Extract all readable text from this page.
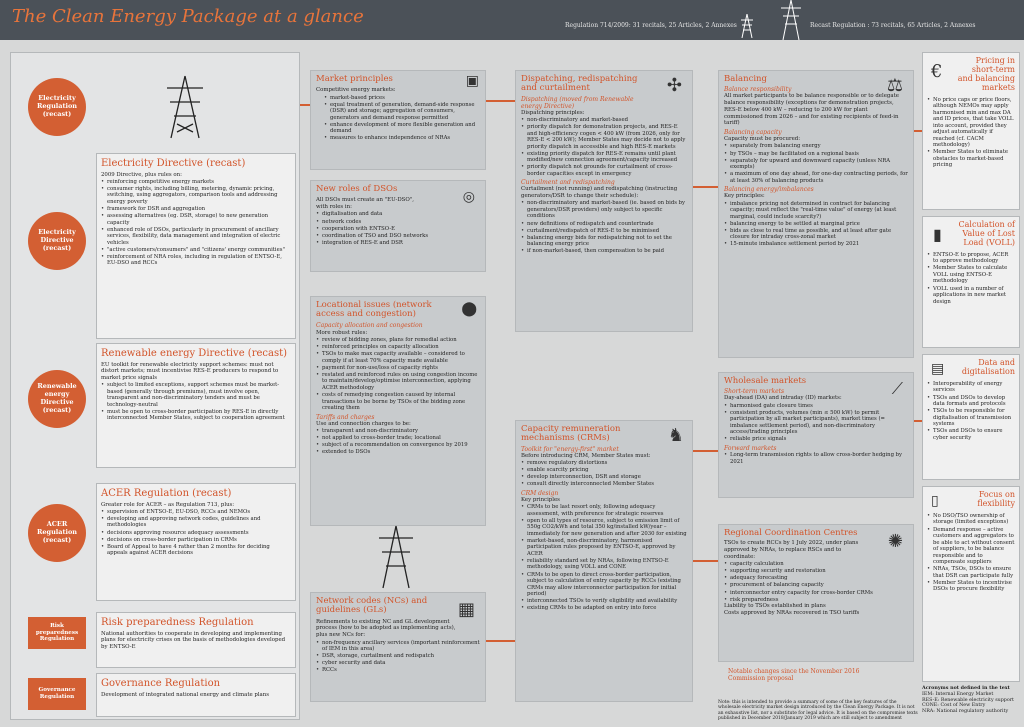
The Clean Energy Package at a glance	Regulation 714/2009: 31 recitals, 25 Articles, 2 Annexes	Recast Regulation : 73 recitals, 65 Articles, 2 Annexes
Electricity Regulation (recast)
Electricity Directive (recast)
Electricity Directive (recast)
2009 Directive, plus rules on:
• reinforcing competitive energy markets
• consumer rights, including billing, metering, dynamic pricing, switching, using aggregators, comparison tools and addressing energy poverty
• framework for DSR and aggregation
• assessing alternatives (eg. DSR, storage) to new generation capacity
• enhanced role of DSOs, particularly in procurement of ancillary services, flexibility, data management and integration of electric vehicles
• "active customers/consumers" and "citizens' energy communities"
• reinforcement of NRA roles, including in regulation of ENTSO-E, EU-DSO and RCCs
Renewable energy Directive (recast)
Renewable energy Directive (recast)
EU toolkit for renewable electricity support schemes: must not distort markets; must incentivise RES-E producers to respond to market price signals
• subject to limited exceptions, support schemes must be market-based (generally through premiums), must involve open, transparent and non-discriminatory tenders and must be technology-neutral
• must be open to cross-border participation by RES-E in directly interconnected Member States, subject to cooperation agreement
ACER Regulation (recast)
ACER Regulation (recast)
Greater role for ACER – as Regulation 713, plus:
• supervision of ENTSO-E, EU-DSO, RCCs and NEMOs
• developing and approving network codes, guidelines and methodologies
• decisions approving resource adequacy assessments
• decisions on cross-border participation in CRMs
• Board of Appeal to have 4 rather than 2 months for deciding appeals against ACER decisions
Risk preparedness Regulation
Risk preparedness Regulation
National authorities to cooperate in developing and implementing plans for electricity crises on the basis of methodologies developed by ENTSO-E
Governance Regulation
Governance Regulation
Development of integrated national energy and climate plans
Market principles
Competitive energy markets:
• market-based prices
• equal treatment of generation, demand-side response (DSR) and storage; aggregation of consumers, generators and demand response permitted
• enhance development of more flexible generation and demand
• measures to enhance independence of NRAs
▣
New roles of DSOs
All DSOs must create an "EU-DSO", with roles in:
• digitalisation and data
• network codes
• cooperation with ENTSO-E
• coordination of TSO and DSO networks
• integration of RES-E and DSR
◎
Locational issues (network access and congestion)
Capacity allocation and congestion
More robust rules:
• review of bidding zones, plans for remedial action
• reinforced principles on capacity allocation
• TSOs to make max capacity available – considered to comply if at least 70% capacity made available
• payment for non-use/loss of capacity rights
• restated and reinforced rules on using congestion income to maintain/develop/optimise interconnection, applying ACER methodology
• costs of remedying congestion caused by internal transactions to be borne by TSOs of the bidding zone creating them
Tariffs and charges
Use and connection charges to be:
• transparent and non-discriminatory
• not applied to cross-border trade; locational
• subject of a recommendation on convergence by 2019
• extended to DSOs
⬤
Network codes (NCs) and guidelines (GLs)
Refinements to existing NC and GL development process (how to be adopted as implementing acts), plus new NCs for:
• non-frequency ancillary services (important reinforcement of IEM in this area)
• DSR, storage, curtailment and redispatch
• cyber security and data
• RCCs
▦
Dispatching, redispatching and curtailment
Dispatching (moved from Renewable energy Directive)
Dispatching principles:
• non-discriminatory and market-based
• priority dispatch for demonstration projects, and RES-E and high-efficiency cogen < 400 kW (from 2026, only for RES-E < 200 kW); Member States may decide not to apply priority dispatch in accessible and high RES-E markets
• existing priority dispatch for RES-E remains until plant modified/new connection agreement/capacity increased
• priority dispatch not grounds for curtailment of cross-border capacities except in emergency
Curtailment and redispatching
Curtailment (not running) and redispatching (instructing generators/DSR to change their schedule):
• non-discriminatory and market-based (ie. based on bids by generators/DSR providers) only subject to specific conditions
• new definitions of redispatch and countertrade
• curtailment/redispatch of RES-E to be minimised
• balancing energy bids for redispatching not to set the balancing energy price
• if non-market-based, then compensation to be paid
✣
Capacity remuneration mechanisms (CRMs)
Toolkit for "energy-first" market
Before introducing CRM, Member States must:
• remove regulatory distortions
• enable scarcity pricing
• develop interconnection, DSR and storage
• consult directly interconnected Member States
CRM design
Key principles
• CRMs to be last resort only, following adequacy assessment, with preference for strategic reserves
• open to all types of resource, subject to emission limit of 550g CO2/kWh and total 350 kg/installed kW/year – immediately for new generation and after 2030 for existing
• market-based, non-discriminatory, harmonised participation rules proposed by ENTSO-E, approved by ACER
• reliability standard set by NRAs, following ENTSO-E methodology, using VOLL and CONE
• CRMs to be open to direct cross-border participation, subject to calculation of entry capacity by RCCs (existing CRMs may allow interconnector participation for initial period)
• interconnected TSOs to verify eligibility and availability
• existing CRMs to be adapted on entry into force
♞
Balancing
Balance responsibility
All market participants to be balance responsible or to delegate balance responsibility (exceptions for demonstration projects, RES-E below 400 kW – reducing to 200 kW for plant commissioned from 2026 – and for existing recipients of feed-in tariff)
Balancing capacity
Capacity must be procured:
• separately from balancing energy
• by TSOs – may be facilitated on a regional basis
• separately for upward and downward capacity (unless NRA exempts)
• a maximum of one day ahead, for one-day contracting periods, for at least 30% of balancing products
Balancing energy/imbalances
Key principles:
• imbalance pricing not determined in contract for balancing capacity; must reflect the "real-time value" of energy (at least marginal, could include scarcity?)
• balancing energy to be settled at marginal price
• bids as close to real time as possible, and at least after gate closure for intraday cross-zonal market
• 15-minute imbalance settlement period by 2021
⚖
Wholesale markets
Short-term markets
Day-ahead (DA) and intraday (ID) markets:
• harmonised gate closure times
• consistent products, volumes (min ≤ 500 kW) to permit participation by all market participants), market times (= imbalance settlement period), and non-discriminatory access/trading principles
• reliable price signals
Forward markets
• Long-term transmission rights to allow cross-border hedging by 2021
⟋
Regional Coordination Centres
TSOs to create RCCs by 1 July 2022, under plans approved by NRAs, to replace RSCs and to coordinate:
• capacity calculation
• supporting security and restoration
• adequacy forecasting
• procurement of balancing capacity
• interconnector entry capacity for cross-border CRMs
• risk preparedness
Liability to TSOs established in plans
Costs approved by NRAs recovered in TSO tariffs
✺
Notable changes since the November 2016 Commission proposal
€
Pricing in short-term and balancing markets
• No price caps or price floors, although NEMOs may apply harmonised min and max DA and ID prices, that take VOLL into account, provided they adjust automatically if reached (cf. CACM methodology)
• Member States to eliminate obstacles to market-based pricing
▮
Calculation of Value of Lost Load (VOLL)
• ENTSO-E to propose, ACER to approve methodology
• Member States to calculate VOLL using ENTSO-E methodology
• VOLL used in a number of applications in new market design
▤	Data and digitalisation
• Interoperability of energy services
• TSOs and DSOs to develop data formats and protocols
• TSOs to be responsible for digitalisation of transmission systems
• TSOs and DSOs to ensure cyber security
▯	Focus on flexibility
• No DSO/TSO ownership of storage (limited exceptions)
• Demand response – active customers and aggregators to be able to act without consent of suppliers, to be balance responsible and to compensate suppliers
• NRAs, TSOs, DSOs to ensure that DSR can participate fully
• Member States to incentivise DSOs to procure flexibility
Acronyms not defined in the text
IEM: Internal Energy Market
RES-E: Renewable electricity support
CONE: Cost of New Entry
NRA: National regulatory authority
Note: this is intended to provide a summary of some of the key features of the wholesale electricity market design introduced by the Clean Energy Package. It is not an exhaustive list, nor a substitute for legal advice. It is based on the compromise texts published in December 2018/January 2019 which are still subject to amendment
